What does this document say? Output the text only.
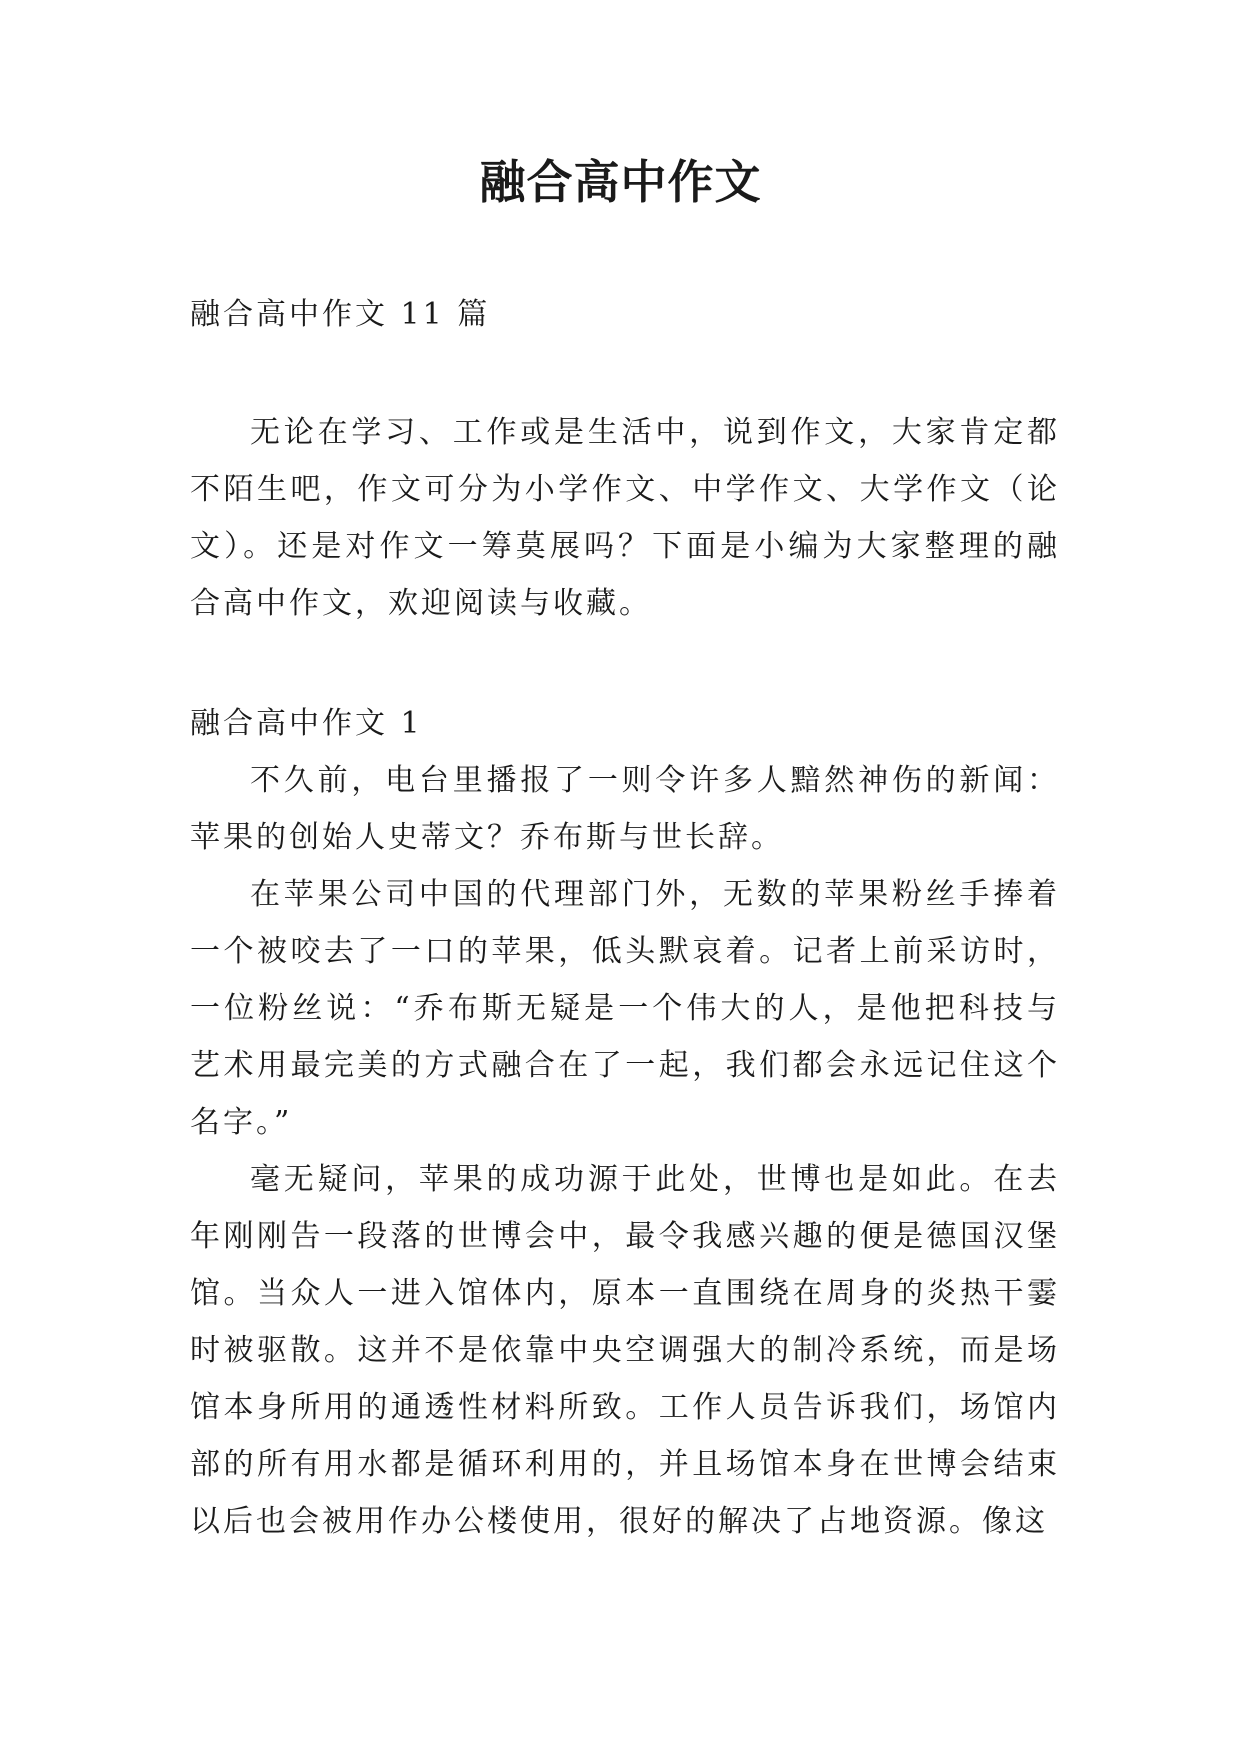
融合高中作文
融合高中作文 11 篇

无论在学习、工作或是生活中，说到作文，大家肯定都不陌生吧，作文可分为小学作文、中学作文、大学作文（论文）。还是对作文一筹莫展吗？下面是小编为大家整理的融合高中作文，欢迎阅读与收藏。

融合高中作文 1

不久前，电台里播报了一则令许多人黯然神伤的新闻：苹果的创始人史蒂文？乔布斯与世长辞。

在苹果公司中国的代理部门外，无数的苹果粉丝手捧着一个被咬去了一口的苹果，低头默哀着。记者上前采访时，一位粉丝说：“乔布斯无疑是一个伟大的人，是他把科技与艺术用最完美的方式融合在了一起，我们都会永远记住这个名字。”

毫无疑问，苹果的成功源于此处，世博也是如此。在去年刚刚告一段落的世博会中，最令我感兴趣的便是德国汉堡馆。当众人一进入馆体内，原本一直围绕在周身的炎热干霎时被驱散。这并不是依靠中央空调强大的制冷系统，而是场馆本身所用的通透性材料所致。工作人员告诉我们，场馆内部的所有用水都是循环利用的，并且场馆本身在世博会结束以后也会被用作办公楼使用，很好的解决了占地资源。像这
